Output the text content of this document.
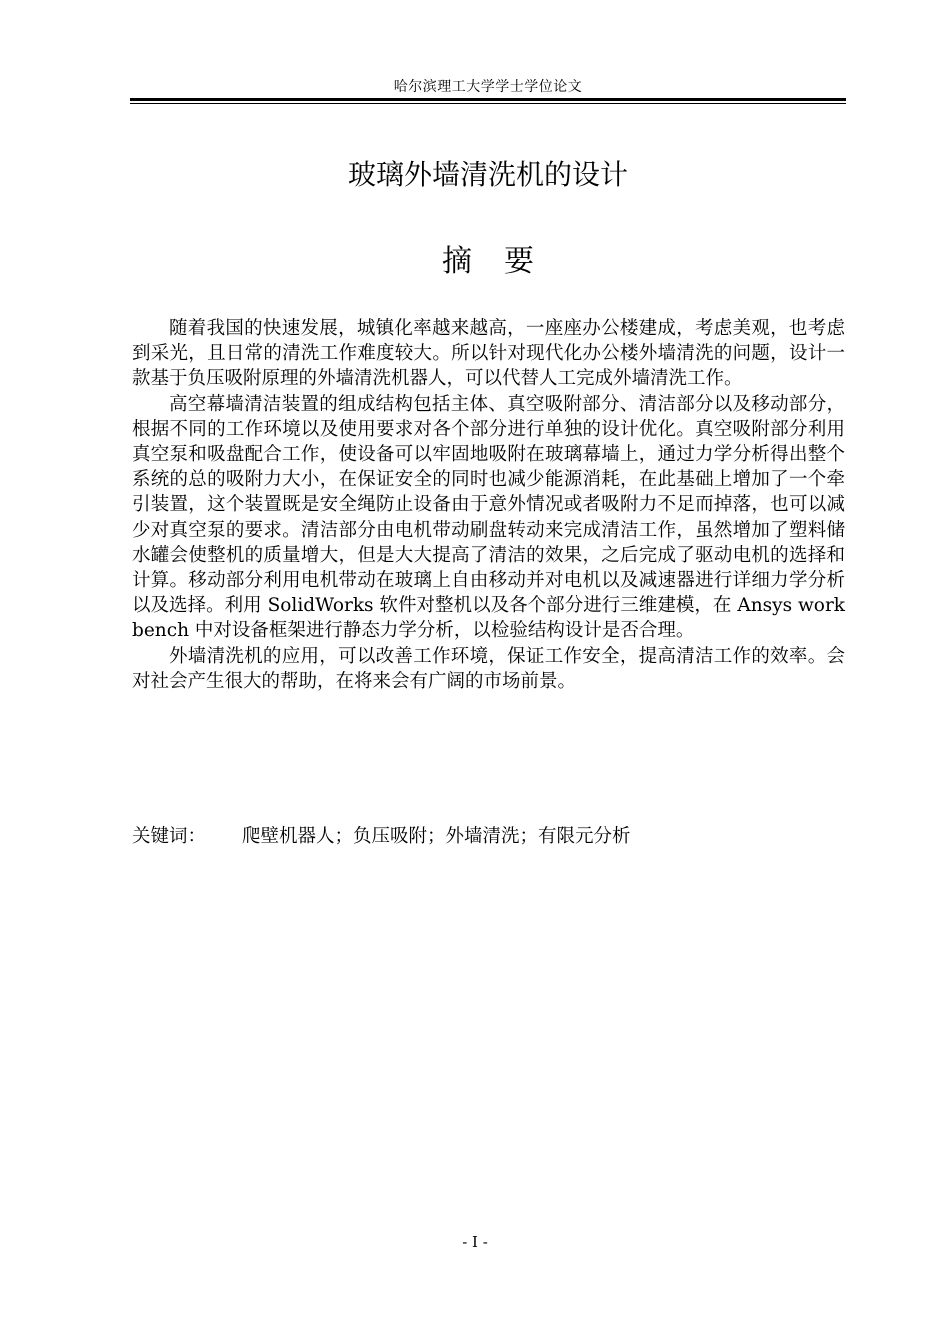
哈尔滨理工大学学士学位论文
玻璃外墙清洗机的设计
摘要

随着我国的快速发展，城镇化率越来越高，一座座办公楼建成，考虑美观，也考虑到采光，且日常的清洗工作难度较大。所以针对现代化办公楼外墙清洗的问题，设计一款基于负压吸附原理的外墙清洗机器人，可以代替人工完成外墙清洗工作。

高空幕墙清洁装置的组成结构包括主体、真空吸附部分、清洁部分以及移动部分，根据不同的工作环境以及使用要求对各个部分进行单独的设计优化。真空吸附部分利用真空泵和吸盘配合工作，使设备可以牢固地吸附在玻璃幕墙上，通过力学分析得出整个系统的总的吸附力大小，在保证安全的同时也减少能源消耗，在此基础上增加了一个牵引装置，这个装置既是安全绳防止设备由于意外情况或者吸附力不足而掉落，也可以减少对真空泵的要求。清洁部分由电机带动刷盘转动来完成清洁工作，虽然增加了塑料储水罐会使整机的质量增大，但是大大提高了清洁的效果，之后完成了驱动电机的选择和计算。移动部分利用电机带动在玻璃上自由移动并对电机以及减速器进行详细力学分析以及选择。利用 SolidWorks 软件对整机以及各个部分进行三维建模，在 Ansys workbench 中对设备框架进行静态力学分析，以检验结构设计是否合理。

外墙清洗机的应用，可以改善工作环境，保证工作安全，提高清洁工作的效率。会对社会产生很大的帮助，在将来会有广阔的市场前景。

关键词： 爬壁机器人；负压吸附；外墙清洗；有限元分析
- I -
